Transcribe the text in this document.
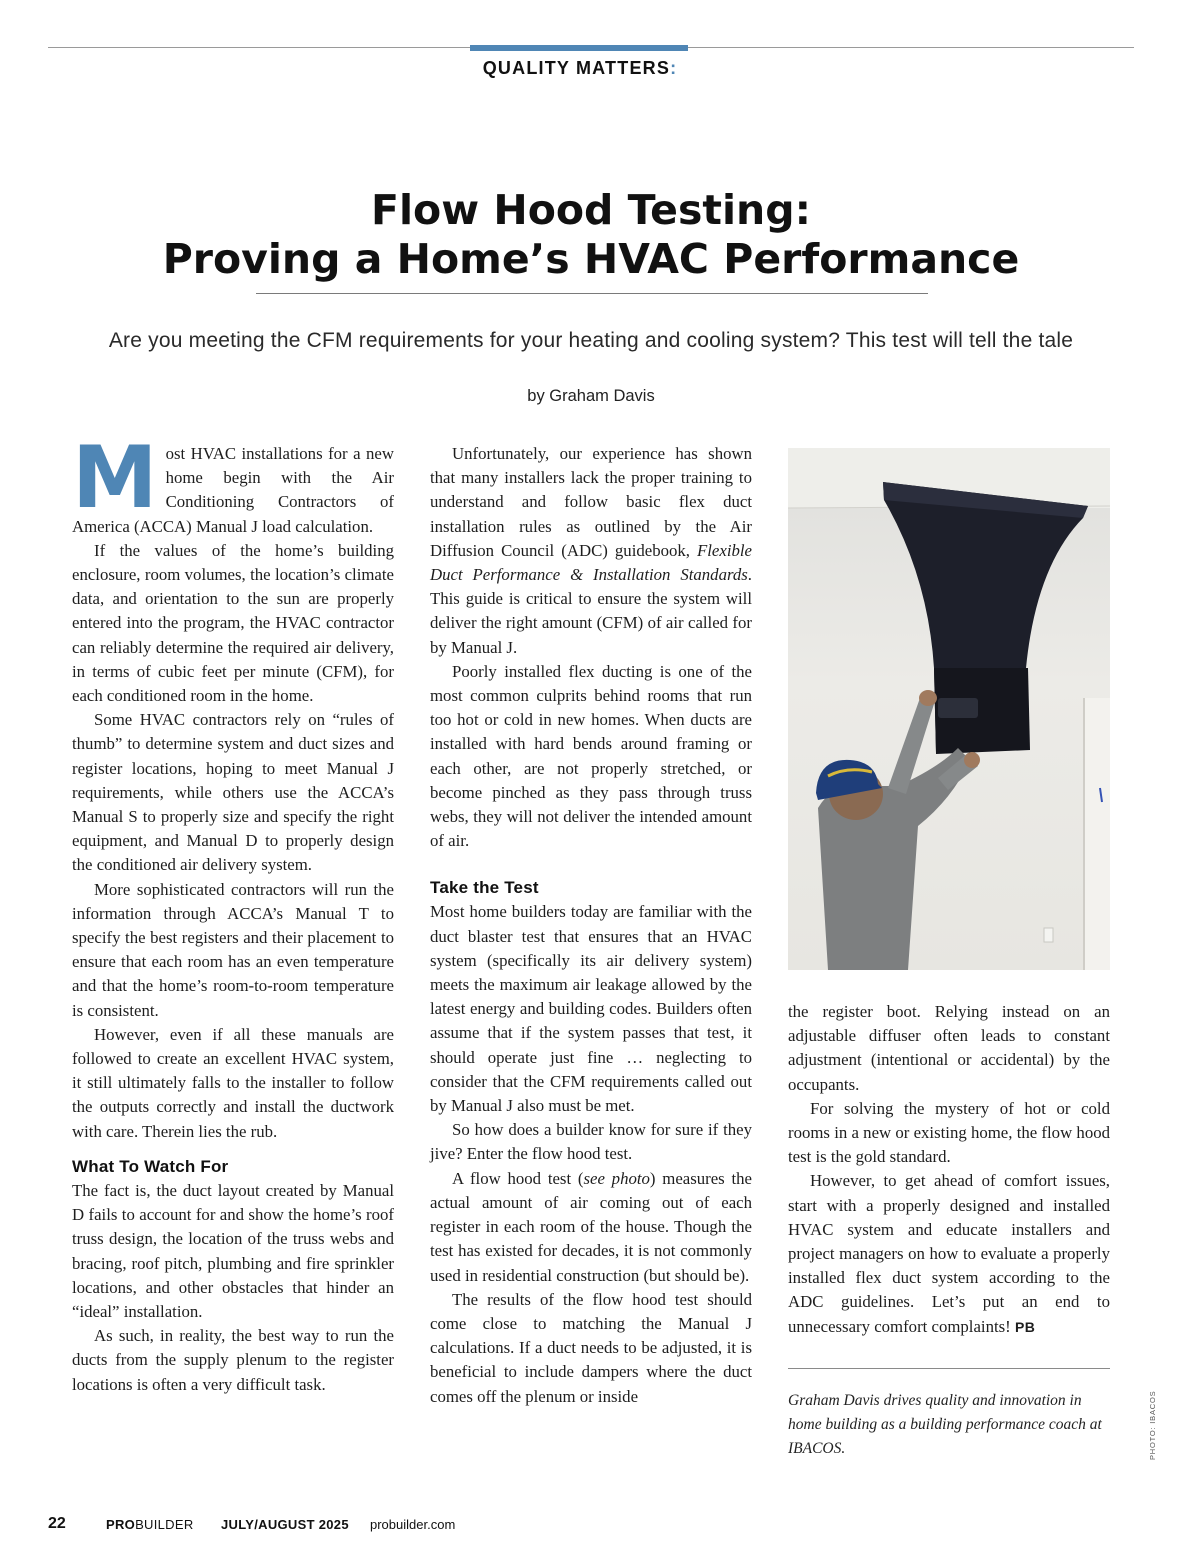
QUALITY MATTERS:
Flow Hood Testing:
Proving a Home’s HVAC Performance
Are you meeting the CFM requirements for your heating and cooling system? This test will tell the tale
by Graham Davis

Most HVAC installations for a new home begin with the Air Conditioning Contractors of America (ACCA) Manual J load calculation.

If the values of the home’s building enclosure, room volumes, the location’s climate data, and orientation to the sun are properly entered into the program, the HVAC contractor can reliably determine the required air delivery, in terms of cubic feet per minute (CFM), for each conditioned room in the home.

Some HVAC contractors rely on “rules of thumb” to determine system and duct sizes and register locations, hoping to meet Manual J requirements, while others use the ACCA’s Manual S to properly size and specify the right equipment, and Manual D to properly design the conditioned air delivery system.

More sophisticated contractors will run the information through ACCA’s Manual T to specify the best registers and their placement to ensure that each room has an even temperature and that the home’s room-to-room temperature is consistent.

However, even if all these manuals are followed to create an excellent HVAC system, it still ultimately falls to the installer to follow the outputs correctly and install the ductwork with care. Therein lies the rub.

What To Watch For

The fact is, the duct layout created by Manual D fails to account for and show the home’s roof truss design, the location of the truss webs and bracing, roof pitch, plumbing and fire sprinkler locations, and other obstacles that hinder an “ideal” installation.

As such, in reality, the best way to run the ducts from the supply plenum to the register locations is often a very difficult task.

Unfortunately, our experience has shown that many installers lack the proper training to understand and follow basic flex duct installation rules as outlined by the Air Diffusion Council (ADC) guidebook, Flexible Duct Performance & Installation Standards. This guide is critical to ensure the system will deliver the right amount (CFM) of air called for by Manual J.

Poorly installed flex ducting is one of the most common culprits behind rooms that run too hot or cold in new homes. When ducts are installed with hard bends around framing or each other, are not properly stretched, or become pinched as they pass through truss webs, they will not deliver the intended amount of air.

Take the Test

Most home builders today are familiar with the duct blaster test that ensures that an HVAC system (specifically its air delivery system) meets the maximum air leakage allowed by the latest energy and building codes. Builders often assume that if the system passes that test, it should operate just fine … neglecting to consider that the CFM requirements called out by Manual J also must be met.

So how does a builder know for sure if they jive? Enter the flow hood test.

A flow hood test (see photo) measures the actual amount of air coming out of each register in each room of the house. Though the test has existed for decades, it is not commonly used in residential construction (but should be).

The results of the flow hood test should come close to matching the Manual J calculations. If a duct needs to be adjusted, it is beneficial to include dampers where the duct comes off the plenum or inside

the register boot. Relying instead on an adjustable diffuser often leads to constant adjustment (intentional or accidental) by the occupants.

For solving the mystery of hot or cold rooms in a new or existing home, the flow hood test is the gold standard.

However, to get ahead of comfort issues, start with a properly designed and installed HVAC system and educate installers and project managers on how to evaluate a properly installed flex duct system according to the ADC guidelines. Let’s put an end to unnecessary comfort complaints! PB

Graham Davis drives quality and innovation in home building as a building performance coach at IBACOS.	PHOTO: IBACOS
22	PROBUILDER JULY/AUGUST 2025 probuilder.com
